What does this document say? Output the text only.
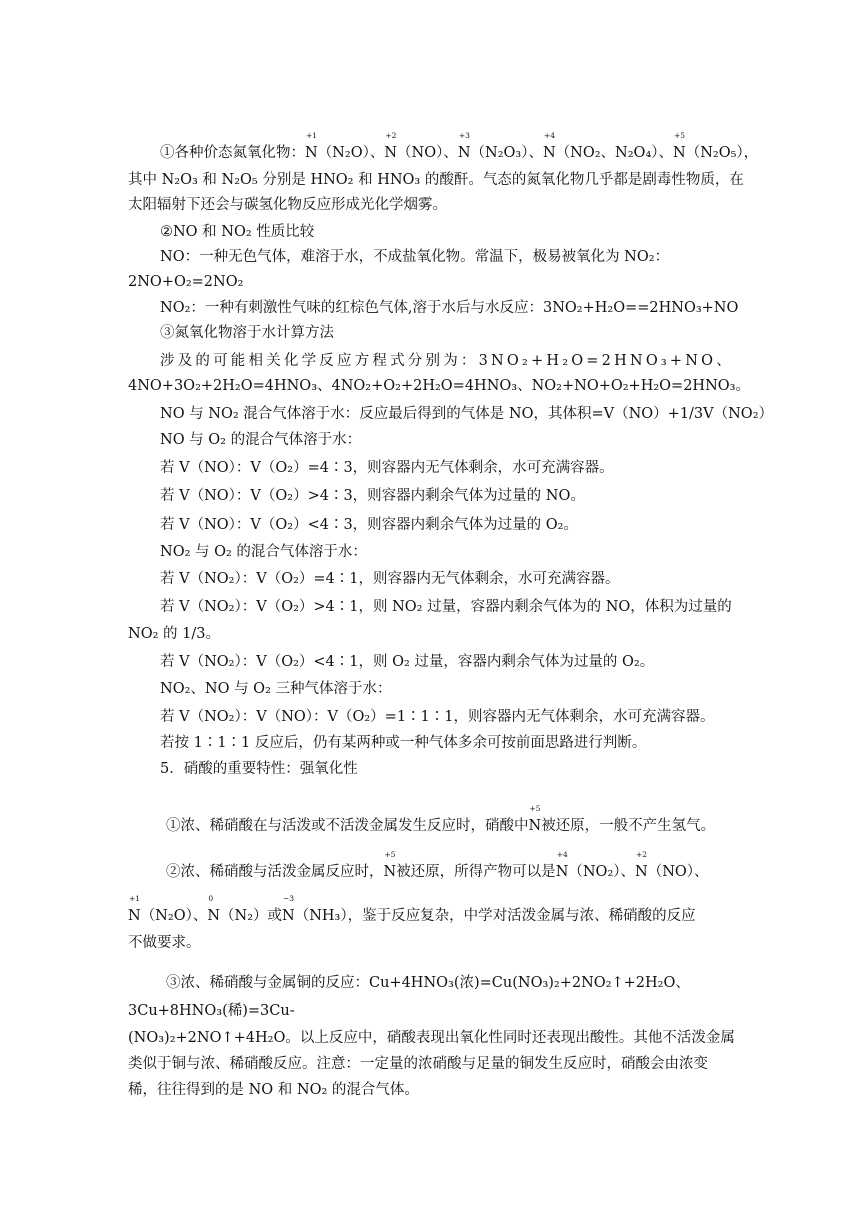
①各种价态氮氧化物：
+1
N（N₂O）、
+2
N（NO）、
+3
N（N₂O₃）、
+4
N（NO₂、N₂O₄）、
+5
N（N₂O₅），
其中 N₂O₃ 和 N₂O₅ 分别是 HNO₂ 和 HNO₃ 的酸酐。气态的氮氧化物几乎都是剧毒性物质，在
太阳辐射下还会与碳氢化物反应形成光化学烟雾。
②NO 和 NO₂ 性质比较
NO：一种无色气体，难溶于水，不成盐氧化物。常温下，极易被氧化为 NO₂：
2NO+O₂=2NO₂
NO₂：一种有刺激性气味的红棕色气体,溶于水后与水反应：3NO₂+H₂O==2HNO₃+NO
③氮氧化物溶于水计算方法
涉及的可能相关化学反应方程式分别为：3NO₂+H₂O=2HNO₃+NO、
4NO+3O₂+2H₂O=4HNO₃、4NO₂+O₂+2H₂O=4HNO₃、NO₂+NO+O₂+H₂O=2HNO₃。
NO 与 NO₂ 混合气体溶于水：反应最后得到的气体是 NO，其体积=V（NO）+1/3V（NO₂）
NO 与 O₂ 的混合气体溶于水：
若 V（NO）：V（O₂）=4∶3，则容器内无气体剩余，水可充满容器。
若 V（NO）：V（O₂）>4∶3，则容器内剩余气体为过量的 NO。
若 V（NO）：V（O₂）<4∶3，则容器内剩余气体为过量的 O₂。
NO₂ 与 O₂ 的混合气体溶于水：
若 V（NO₂）：V（O₂）=4∶1，则容器内无气体剩余，水可充满容器。
若 V（NO₂）：V（O₂）>4∶1，则 NO₂ 过量，容器内剩余气体为的 NO，体积为过量的
NO₂ 的 1/3。
若 V（NO₂）：V（O₂）<4∶1，则 O₂ 过量，容器内剩余气体为过量的 O₂。
NO₂、NO 与 O₂ 三种气体溶于水：
若 V（NO₂）：V（NO）：V（O₂）=1∶1∶1，则容器内无气体剩余，水可充满容器。
若按 1∶1∶1 反应后，仍有某两种或一种气体多余可按前面思路进行判断。
5．硝酸的重要特性：强氧化性
①浓、稀硝酸在与活泼或不活泼金属发生反应时，硝酸中
+5
N被还原，一般不产生氢气。
②浓、稀硝酸与活泼金属反应时，
+5
N被还原，所得产物可以是
+4
N（NO₂）、
+2
N（NO）、
+1
N（N₂O）、
0
N（N₂）或
−3
N（NH₃），鉴于反应复杂，中学对活泼金属与浓、稀硝酸的反应
不做要求。
③浓、稀硝酸与金属铜的反应：Cu+4HNO₃(浓)=Cu(NO₃)₂+2NO₂↑+2H₂O、
3Cu+8HNO₃(稀)=3Cu-
(NO₃)₂+2NO↑+4H₂O。以上反应中，硝酸表现出氧化性同时还表现出酸性。其他不活泼金属
类似于铜与浓、稀硝酸反应。注意：一定量的浓硝酸与足量的铜发生反应时，硝酸会由浓变
稀，往往得到的是 NO 和 NO₂ 的混合气体。
